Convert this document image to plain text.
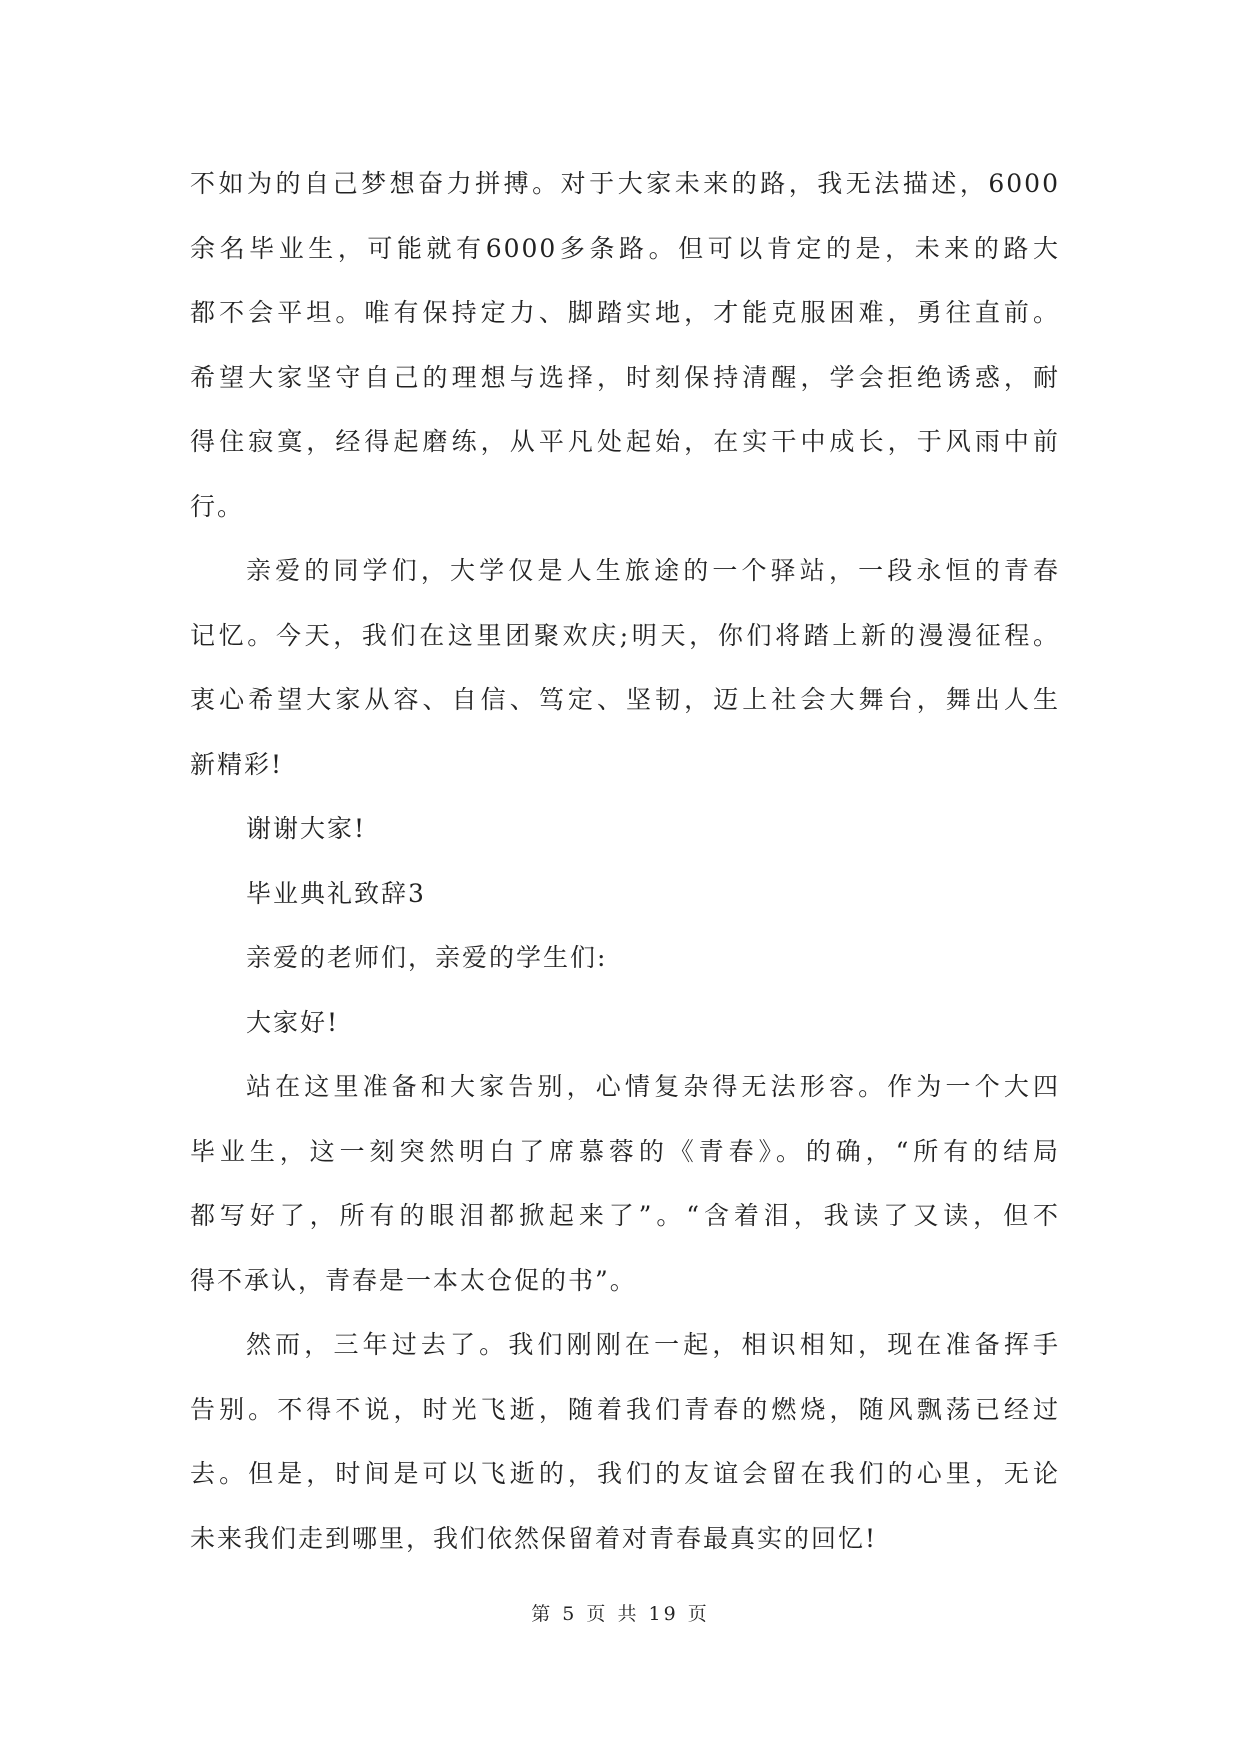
不如为的自己梦想奋力拼搏。对于大家未来的路，我无法描述，6000
余名毕业生，可能就有6000多条路。但可以肯定的是，未来的路大
都不会平坦。唯有保持定力、脚踏实地，才能克服困难，勇往直前。
希望大家坚守自己的理想与选择，时刻保持清醒，学会拒绝诱惑，耐
得住寂寞，经得起磨练，从平凡处起始，在实干中成长，于风雨中前
行。
亲爱的同学们，大学仅是人生旅途的一个驿站，一段永恒的青春
记忆。今天，我们在这里团聚欢庆;明天，你们将踏上新的漫漫征程。
衷心希望大家从容、自信、笃定、坚韧，迈上社会大舞台，舞出人生
新精彩!
谢谢大家!
毕业典礼致辞3
亲爱的老师们，亲爱的学生们:
大家好!
站在这里准备和大家告别，心情复杂得无法形容。作为一个大四
毕业生，这一刻突然明白了席慕蓉的《青春》。的确，“所有的结局
都写好了，所有的眼泪都掀起来了”。“含着泪，我读了又读，但不
得不承认，青春是一本太仓促的书”。
然而，三年过去了。我们刚刚在一起，相识相知，现在准备挥手
告别。不得不说，时光飞逝，随着我们青春的燃烧，随风飘荡已经过
去。但是，时间是可以飞逝的，我们的友谊会留在我们的心里，无论
未来我们走到哪里，我们依然保留着对青春最真实的回忆!
第 5 页 共 19 页
